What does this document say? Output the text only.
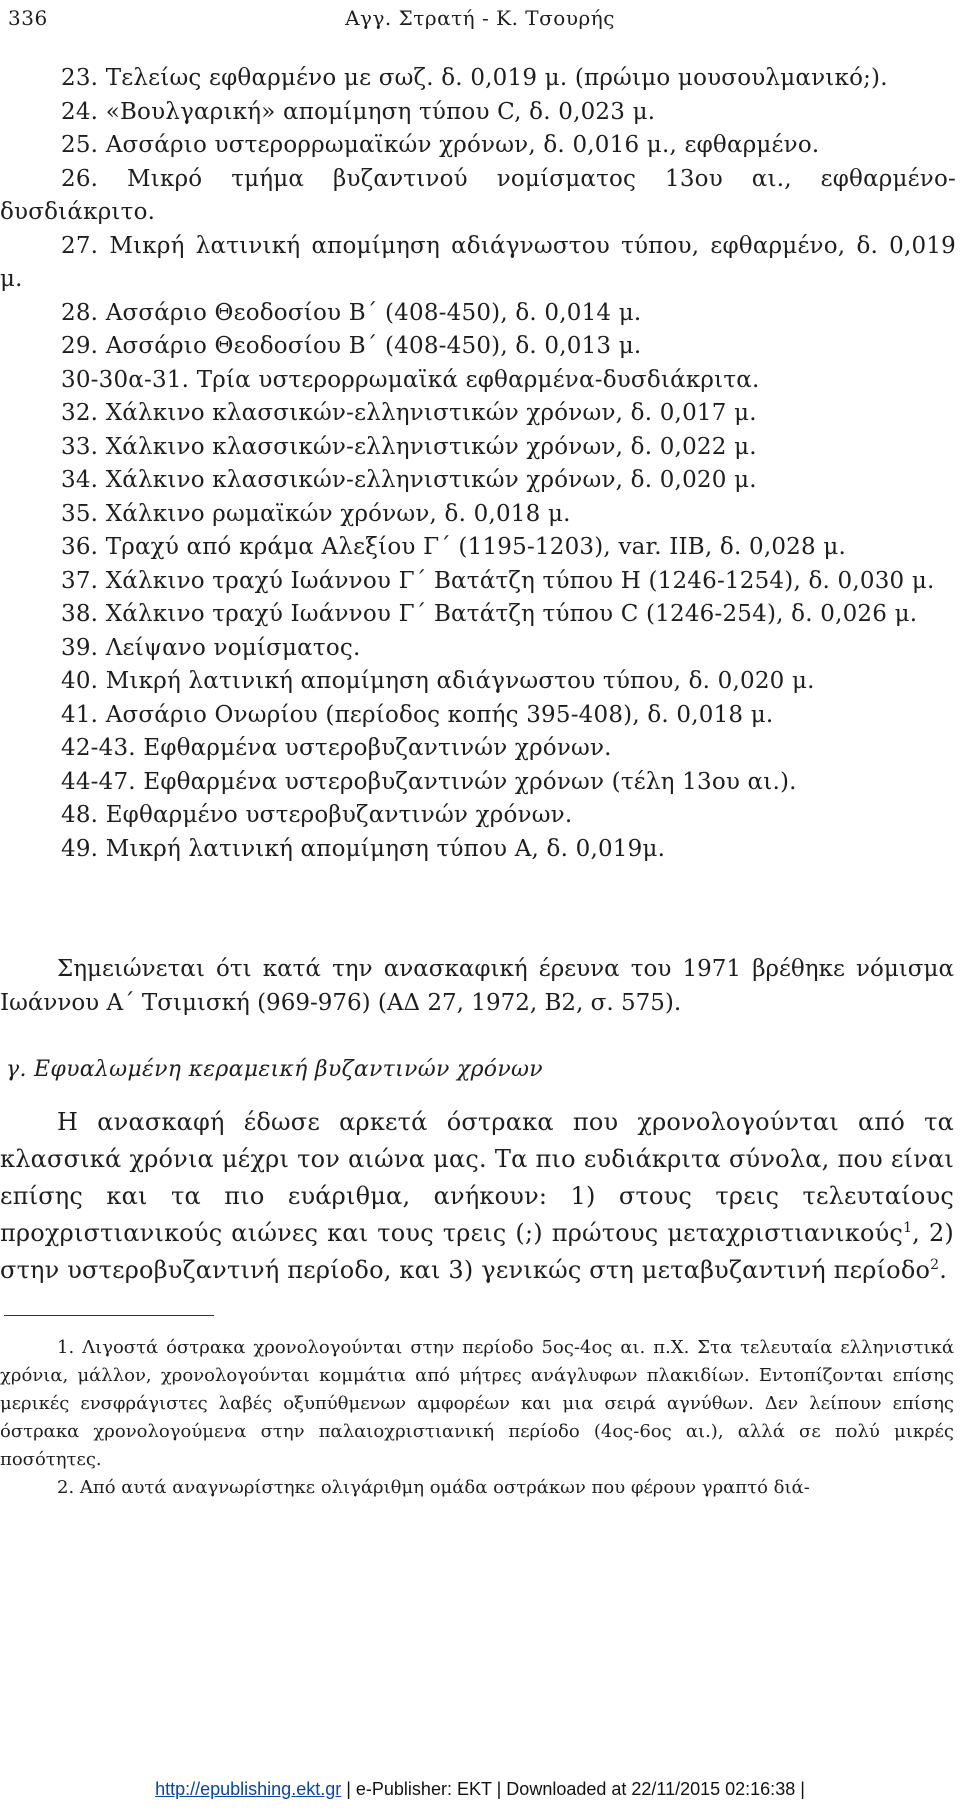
336	Αγγ. Στρατή - Κ. Τσουρής
23. Τελείως εφθαρμένο με σωζ. δ. 0,019 μ. (πρώιμο μουσουλμανικό;).
24. «Βουλγαρική» απομίμηση τύπου C, δ. 0,023 μ.
25. Ασσάριο υστερορρωμαϊκών χρόνων, δ. 0,016 μ., εφθαρμένο.
26. Μικρό τμήμα βυζαντινού νομίσματος 13ου αι., εφθαρμένο-δυσδιάκριτο.
27. Μικρή λατινική απομίμηση αδιάγνωστου τύπου, εφθαρμένο, δ. 0,019 μ.
28. Ασσάριο Θεοδοσίου Β΄ (408-450), δ. 0,014 μ.
29. Ασσάριο Θεοδοσίου Β΄ (408-450), δ. 0,013 μ.
30-30α-31. Τρία υστερορρωμαϊκά εφθαρμένα-δυσδιάκριτα.
32. Χάλκινο κλασσικών-ελληνιστικών χρόνων, δ. 0,017 μ.
33. Χάλκινο κλασσικών-ελληνιστικών χρόνων, δ. 0,022 μ.
34. Χάλκινο κλασσικών-ελληνιστικών χρόνων, δ. 0,020 μ.
35. Χάλκινο ρωμαϊκών χρόνων, δ. 0,018 μ.
36. Τραχύ από κράμα Αλεξίου Γ΄ (1195-1203), var. IIB, δ. 0,028 μ.
37. Χάλκινο τραχύ Ιωάννου Γ΄ Βατάτζη τύπου Η (1246-1254), δ. 0,030 μ.
38. Χάλκινο τραχύ Ιωάννου Γ΄ Βατάτζη τύπου C (1246-254), δ. 0,026 μ.
39. Λείψανο νομίσματος.
40. Μικρή λατινική απομίμηση αδιάγνωστου τύπου, δ. 0,020 μ.
41. Ασσάριο Ονωρίου (περίοδος κοπής 395-408), δ. 0,018 μ.
42-43. Εφθαρμένα υστεροβυζαντινών χρόνων.
44-47. Εφθαρμένα υστεροβυζαντινών χρόνων (τέλη 13ου αι.).
48. Εφθαρμένο υστεροβυζαντινών χρόνων.
49. Μικρή λατινική απομίμηση τύπου Α, δ. 0,019μ.

Σημειώνεται ότι κατά την ανασκαφική έρευνα του 1971 βρέθηκε νόμισμα Ιωάννου Α΄ Τσιμισκή (969-976) (ΑΔ 27, 1972, Β2, σ. 575).

γ. Εφυαλωμένη κεραμεική βυζαντινών χρόνων

Η ανασκαφή έδωσε αρκετά όστρακα που χρονολογούνται από τα κλασσικά χρόνια μέχρι τον αιώνα μας. Τα πιο ευδιάκριτα σύνολα, που είναι επίσης και τα πιο ευάριθμα, ανήκουν: 1) στους τρεις τελευταίους προχριστιανικούς αιώνες και τους τρεις (;) πρώτους μεταχριστιανικούς$^1$, 2) στην υστεροβυζαντινή περίοδο, και 3) γενικώς στη μεταβυζαντινή περίοδο$^2$.

1. Λιγοστά όστρακα χρονολογούνται στην περίοδο 5ος-4ος αι. π.Χ. Στα τελευταία ελληνιστικά χρόνια, μάλλον, χρονολογούνται κομμάτια από μήτρες ανάγλυφων πλακιδίων. Εντοπίζονται επίσης μερικές ενσφράγιστες λαβές οξυπύθμενων αμφορέων και μια σειρά αγνύθων. Δεν λείπουν επίσης όστρακα χρονολογούμενα στην παλαιοχριστιανική περίοδο (4ος-6ος αι.), αλλά σε πολύ μικρές ποσότητες.

2. Από αυτά αναγνωρίστηκε ολιγάριθμη ομάδα οστράκων που φέρουν γραπτό διά-

http://epublishing.ekt.gr | e-Publisher: EKT | Downloaded at 22/11/2015 02:16:38 |
